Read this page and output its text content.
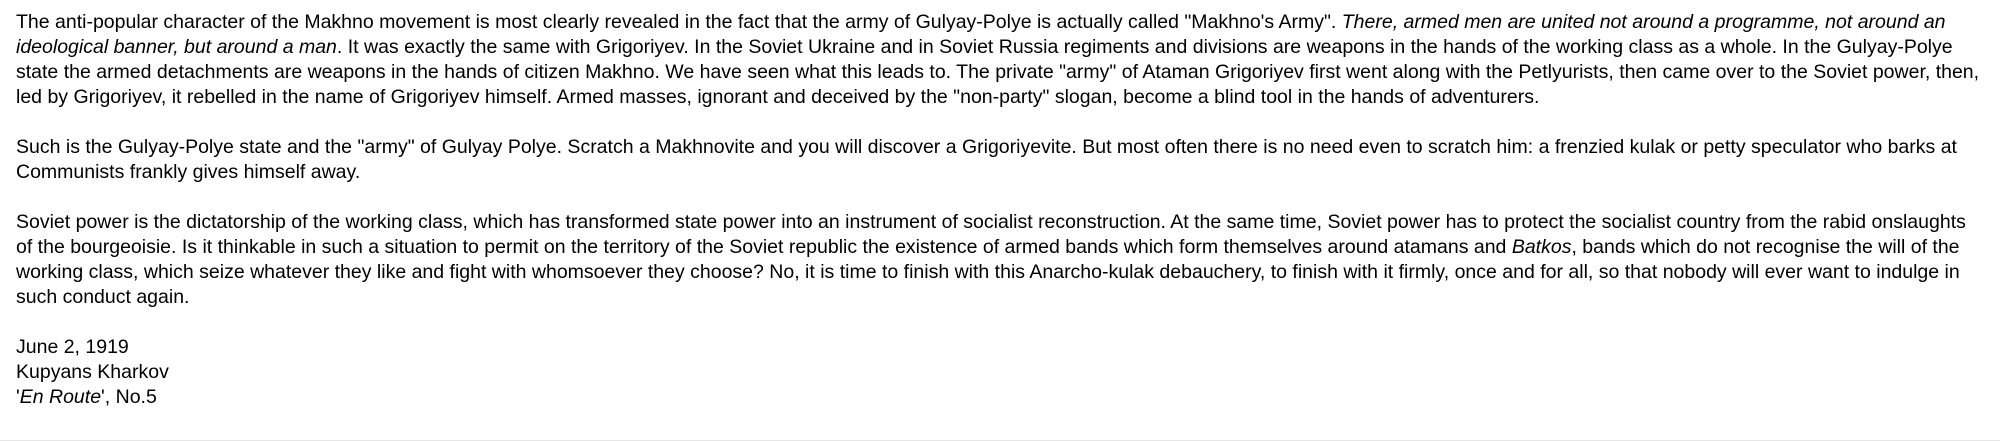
The anti-popular character of the Makhno movement is most clearly revealed in the fact that the army of Gulyay-Polye is actually called "Makhno's Army". There, armed men are united not around a programme, not around an ideological banner, but around a man. It was exactly the same with Grigoriyev. In the Soviet Ukraine and in Soviet Russia regiments and divisions are weapons in the hands of the working class as a whole. In the Gulyay-Polye state the armed detachments are weapons in the hands of citizen Makhno. We have seen what this leads to. The private "army" of Ataman Grigoriyev first went along with the Petlyurists, then came over to the Soviet power, then, led by Grigoriyev, it rebelled in the name of Grigoriyev himself. Armed masses, ignorant and deceived by the "non-party" slogan, become a blind tool in the hands of adventurers.

Such is the Gulyay-Polye state and the "army" of Gulyay Polye. Scratch a Makhnovite and you will discover a Grigoriyevite. But most often there is no need even to scratch him: a frenzied kulak or petty speculator who barks at Communists frankly gives himself away.

Soviet power is the dictatorship of the working class, which has transformed state power into an instrument of socialist reconstruction. At the same time, Soviet power has to protect the socialist country from the rabid onslaughts of the bourgeoisie. Is it thinkable in such a situation to permit on the territory of the Soviet republic the existence of armed bands which form themselves around atamans and Batkos, bands which do not recognise the will of the working class, which seize whatever they like and fight with whomsoever they choose? No, it is time to finish with this Anarcho-kulak debauchery, to finish with it firmly, once and for all, so that nobody will ever want to indulge in such conduct again.

June 2, 1919
Kupyans Kharkov
'En Route', No.5
